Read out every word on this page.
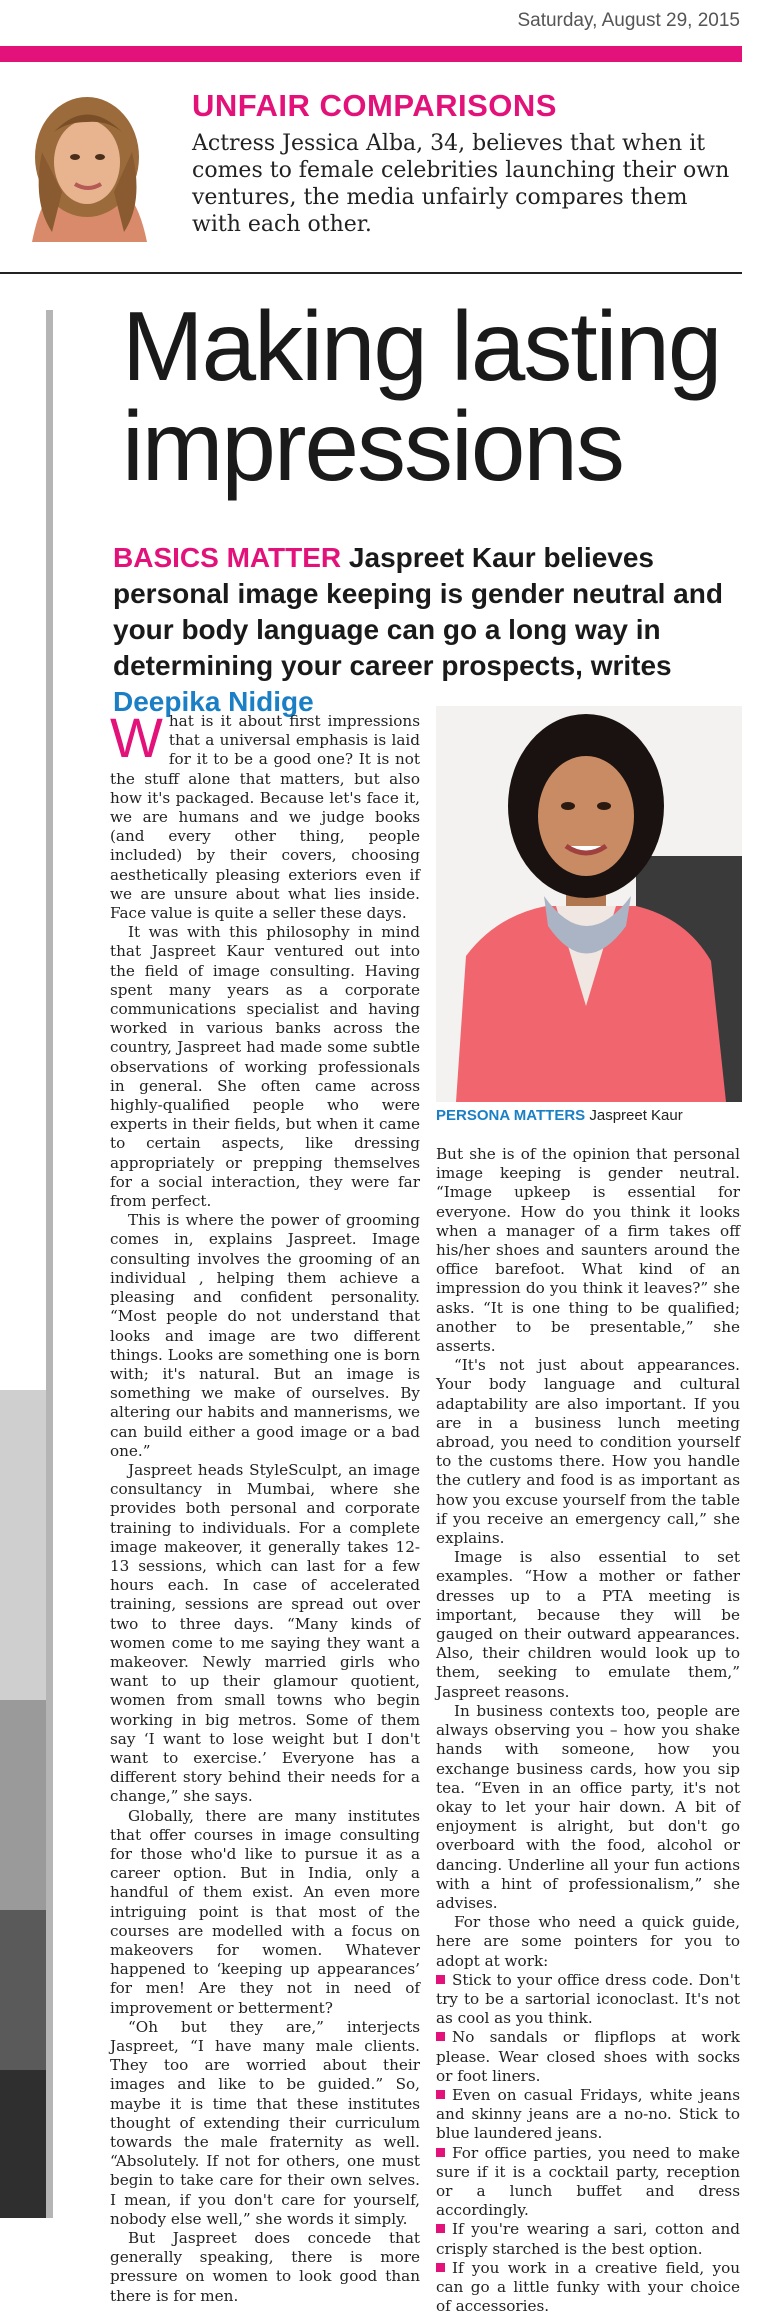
Saturday, August 29, 2015
UNFAIR COMPARISONS
Actress Jessica Alba, 34, believes that when it comes to female celebrities launching their own ventures, the media unfairly compares them with each other.
Making lasting impressions
BASICS MATTER Jaspreet Kaur believes personal image keeping is gender neutral and your body language can go a long way in determining your career prospects, writes Deepika Nidige

What is it about first impressions that a universal emphasis is laid for it to be a good one? It is not the stuff alone that matters, but also how it's packaged. Because let's face it, we are humans and we judge books (and every other thing, people included) by their covers, choosing aesthetically pleasing exteriors even if we are unsure about what lies inside. Face value is quite a seller these days.

It was with this philosophy in mind that Jaspreet Kaur ventured out into the field of image consulting. Having spent many years as a corporate communications specialist and having worked in various banks across the country, Jaspreet had made some subtle observations of working professionals in general. She often came across highly-qualified people who were experts in their fields, but when it came to certain aspects, like dressing appropriately or prepping themselves for a social interaction, they were far from perfect.

This is where the power of grooming comes in, explains Jaspreet. Image consulting involves the grooming of an individual , helping them achieve a pleasing and confident personality. “Most people do not understand that looks and image are two different things. Looks are something one is born with; it's natural. But an image is something we make of ourselves. By altering our habits and mannerisms, we can build either a good image or a bad one.”

Jaspreet heads StyleSculpt, an image consultancy in Mumbai, where she provides both personal and corporate training to individuals. For a complete image makeover, it generally takes 12-13 sessions, which can last for a few hours each. In case of accelerated training, sessions are spread out over two to three days. “Many kinds of women come to me saying they want a makeover. Newly married girls who want to up their glamour quotient, women from small towns who begin working in big metros. Some of them say ‘I want to lose weight but I don't want to exercise.’ Everyone has a different story behind their needs for a change,” she says.

Globally, there are many institutes that offer courses in image consulting for those who'd like to pursue it as a career option. But in India, only a handful of them exist. An even more intriguing point is that most of the courses are modelled with a focus on makeovers for women. Whatever happened to ‘keeping up appearances’ for men! Are they not in need of improvement or betterment?

“Oh but they are,” interjects Jaspreet, “I have many male clients. They too are worried about their images and like to be guided.” So, maybe it is time that these institutes thought of extending their curriculum towards the male fraternity as well. “Absolutely. If not for others, one must begin to take care for their own selves. I mean, if you don't care for yourself, nobody else well,” she words it simply.

But Jaspreet does concede that generally speaking, there is more pressure on women to look good than there is for men.

PERSONA MATTERS Jaspreet Kaur

But she is of the opinion that personal image keeping is gender neutral. “Image upkeep is essential for everyone. How do you think it looks when a manager of a firm takes off his/her shoes and saunters around the office barefoot. What kind of an impression do you think it leaves?” she asks. “It is one thing to be qualified; another to be presentable,” she asserts.

“It's not just about appearances. Your body language and cultural adaptability are also important. If you are in a business lunch meeting abroad, you need to condition yourself to the customs there. How you handle the cutlery and food is as important as how you excuse yourself from the table if you receive an emergency call,” she explains.

Image is also essential to set examples. “How a mother or father dresses up to a PTA meeting is important, because they will be gauged on their outward appearances. Also, their children would look up to them, seeking to emulate them,” Jaspreet reasons.

In business contexts too, people are always observing you – how you shake hands with someone, how you exchange business cards, how you sip tea. “Even in an office party, it's not okay to let your hair down. A bit of enjoyment is alright, but don't go overboard with the food, alcohol or dancing. Underline all your fun actions with a hint of professionalism,” she advises.

For those who need a quick guide, here are some pointers for you to adopt at work:

Stick to your office dress code. Don't try to be a sartorial iconoclast. It's not as cool as you think.

No sandals or flipflops at work please. Wear closed shoes with socks or foot liners.

Even on casual Fridays, white jeans and skinny jeans are a no-no. Stick to blue laundered jeans.

For office parties, you need to make sure if it is a cocktail party, reception or a lunch buffet and dress accordingly.

If you're wearing a sari, cotton and crisply starched is the best option.

If you work in a creative field, you can go a little funky with your choice of accessories.
